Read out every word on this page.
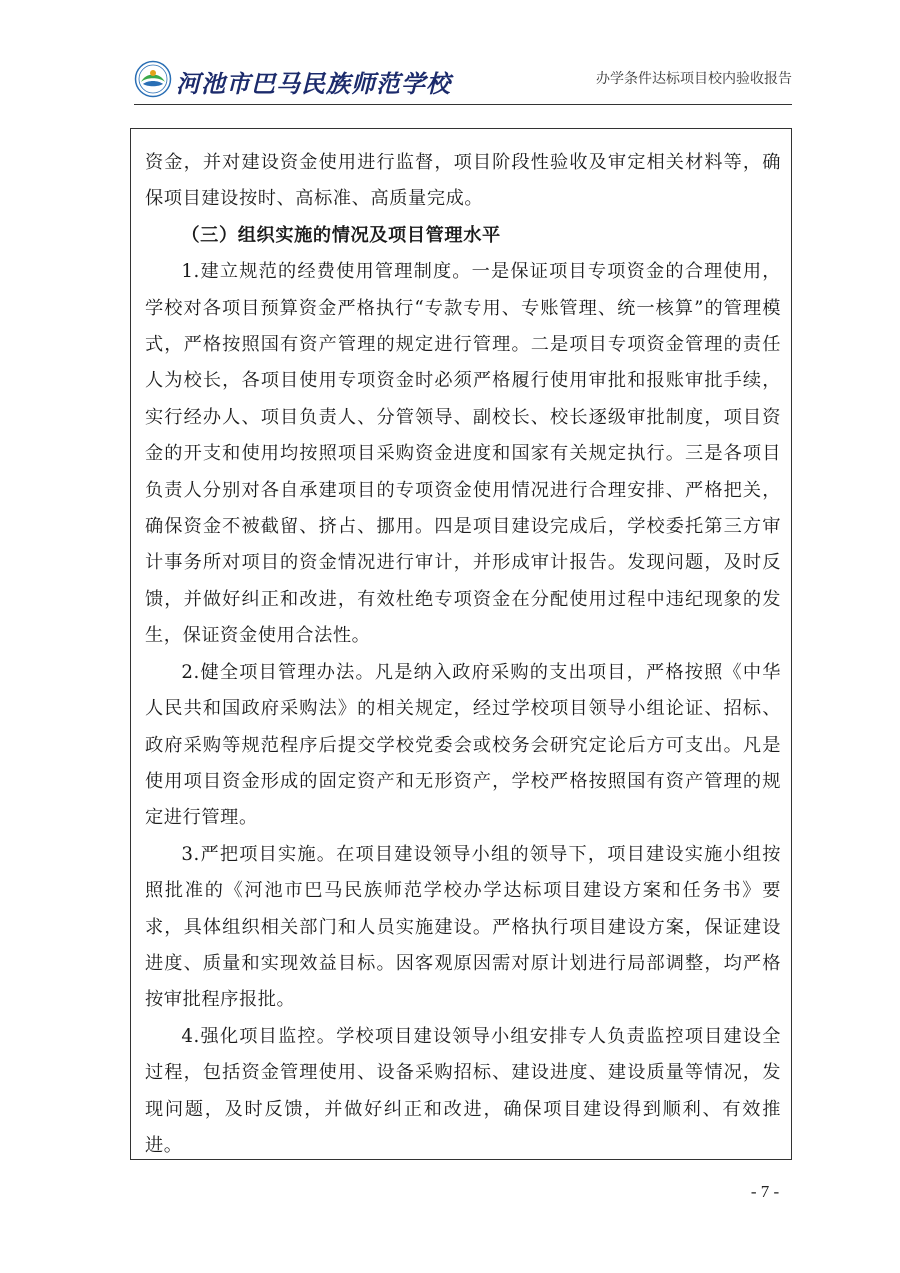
河池市巴马民族师范学校	办学条件达标项目校内验收报告

资金，并对建设资金使用进行监督，项目阶段性验收及审定相关材料等，确保项目建设按时、高标准、高质量完成。

（三）组织实施的情况及项目管理水平

1.建立规范的经费使用管理制度。一是保证项目专项资金的合理使用，学校对各项目预算资金严格执行“专款专用、专账管理、统一核算”的管理模式，严格按照国有资产管理的规定进行管理。二是项目专项资金管理的责任人为校长，各项目使用专项资金时必须严格履行使用审批和报账审批手续，实行经办人、项目负责人、分管领导、副校长、校长逐级审批制度，项目资金的开支和使用均按照项目采购资金进度和国家有关规定执行。三是各项目负责人分别对各自承建项目的专项资金使用情况进行合理安排、严格把关，确保资金不被截留、挤占、挪用。四是项目建设完成后，学校委托第三方审计事务所对项目的资金情况进行审计，并形成审计报告。发现问题，及时反馈，并做好纠正和改进，有效杜绝专项资金在分配使用过程中违纪现象的发生，保证资金使用合法性。

2.健全项目管理办法。凡是纳入政府采购的支出项目，严格按照《中华人民共和国政府采购法》的相关规定，经过学校项目领导小组论证、招标、政府采购等规范程序后提交学校党委会或校务会研究定论后方可支出。凡是使用项目资金形成的固定资产和无形资产，学校严格按照国有资产管理的规定进行管理。

3.严把项目实施。在项目建设领导小组的领导下，项目建设实施小组按照批准的《河池市巴马民族师范学校办学达标项目建设方案和任务书》要求，具体组织相关部门和人员实施建设。严格执行项目建设方案，保证建设进度、质量和实现效益目标。因客观原因需对原计划进行局部调整，均严格按审批程序报批。

4.强化项目监控。学校项目建设领导小组安排专人负责监控项目建设全过程，包括资金管理使用、设备采购招标、建设进度、建设质量等情况，发现问题，及时反馈，并做好纠正和改进，确保项目建设得到顺利、有效推进。

- 7 -
